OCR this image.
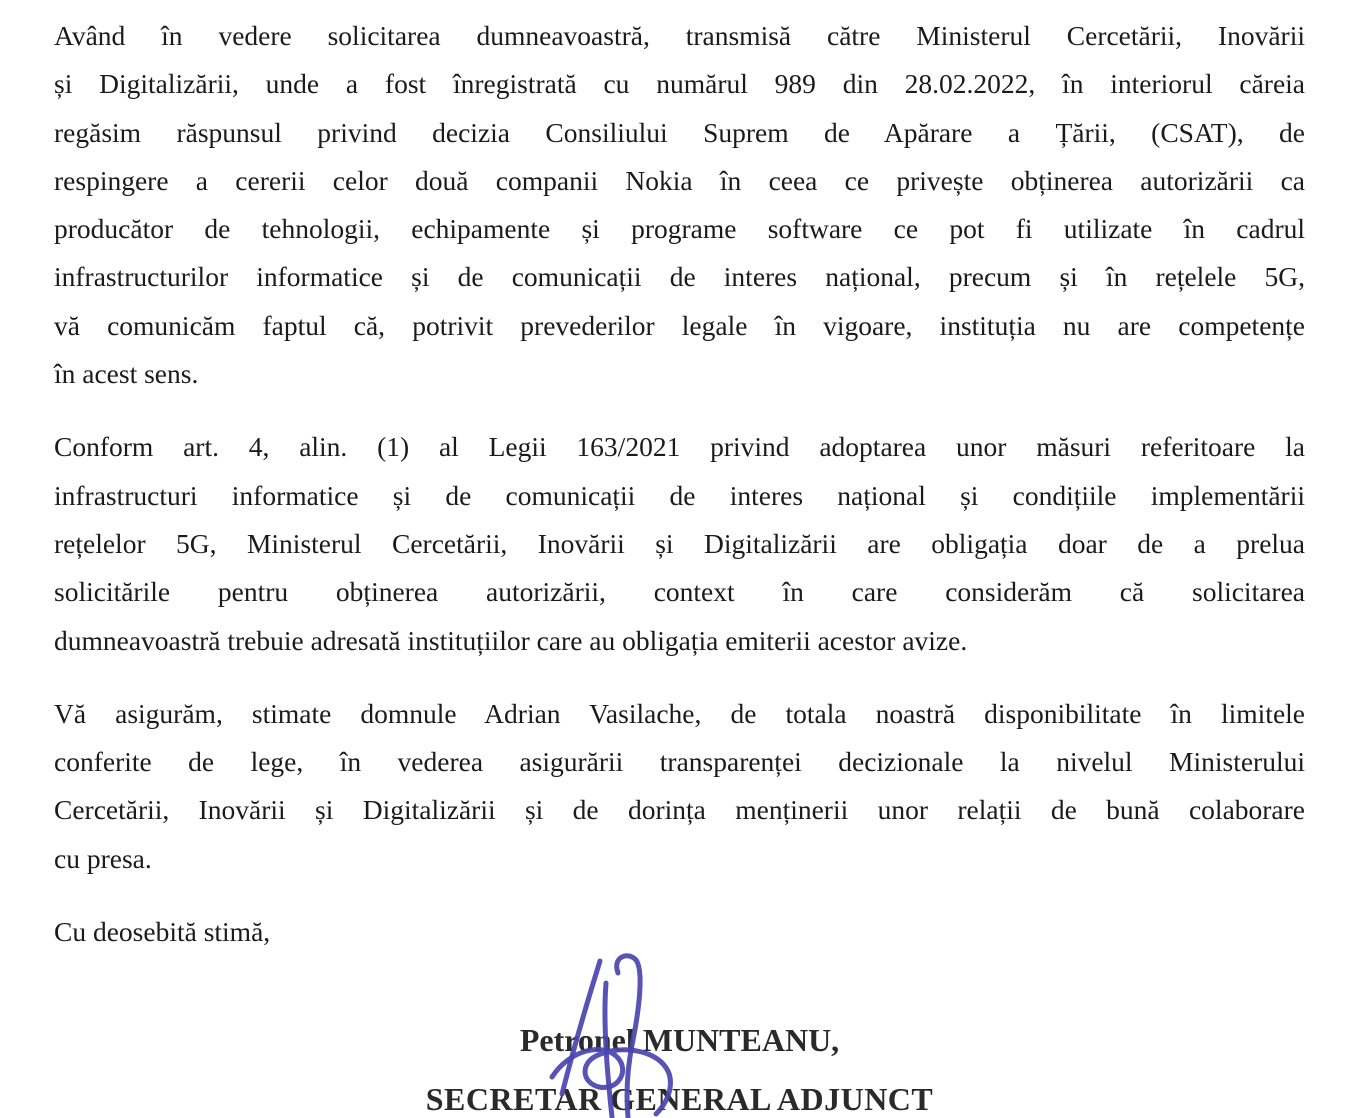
Având în vedere solicitarea dumneavoastră, transmisă către Ministerul Cercetării, Inovării
și Digitalizării, unde a fost înregistrată cu numărul 989 din 28.02.2022, în interiorul căreia
regăsim răspunsul privind decizia Consiliului Suprem de Apărare a Țării, (CSAT), de
respingere a cererii celor două companii Nokia în ceea ce privește obținerea autorizării ca
producător de tehnologii, echipamente și programe software ce pot fi utilizate în cadrul
infrastructurilor informatice și de comunicații de interes național, precum și în rețelele 5G,
vă comunicăm faptul că, potrivit prevederilor legale în vigoare, instituția nu are competențe
în acest sens.
Conform art. 4, alin. (1) al Legii 163/2021 privind adoptarea unor măsuri referitoare la
infrastructuri informatice și de comunicații de interes național și condițiile implementării
rețelelor 5G, Ministerul Cercetării, Inovării și Digitalizării are obligația doar de a prelua
solicitările pentru obținerea autorizării, context în care considerăm că solicitarea
dumneavoastră trebuie adresată instituțiilor care au obligația emiterii acestor avize.
Vă asigurăm, stimate domnule Adrian Vasilache, de totala noastră disponibilitate în limitele
conferite de lege, în vederea asigurării transparenței decizionale la nivelul Ministerului
Cercetării, Inovării și Digitalizării și de dorința menținerii unor relații de bună colaborare
cu presa.
Cu deosebită stimă,
Petronel MUNTEANU,
SECRETAR GENERAL ADJUNCT
